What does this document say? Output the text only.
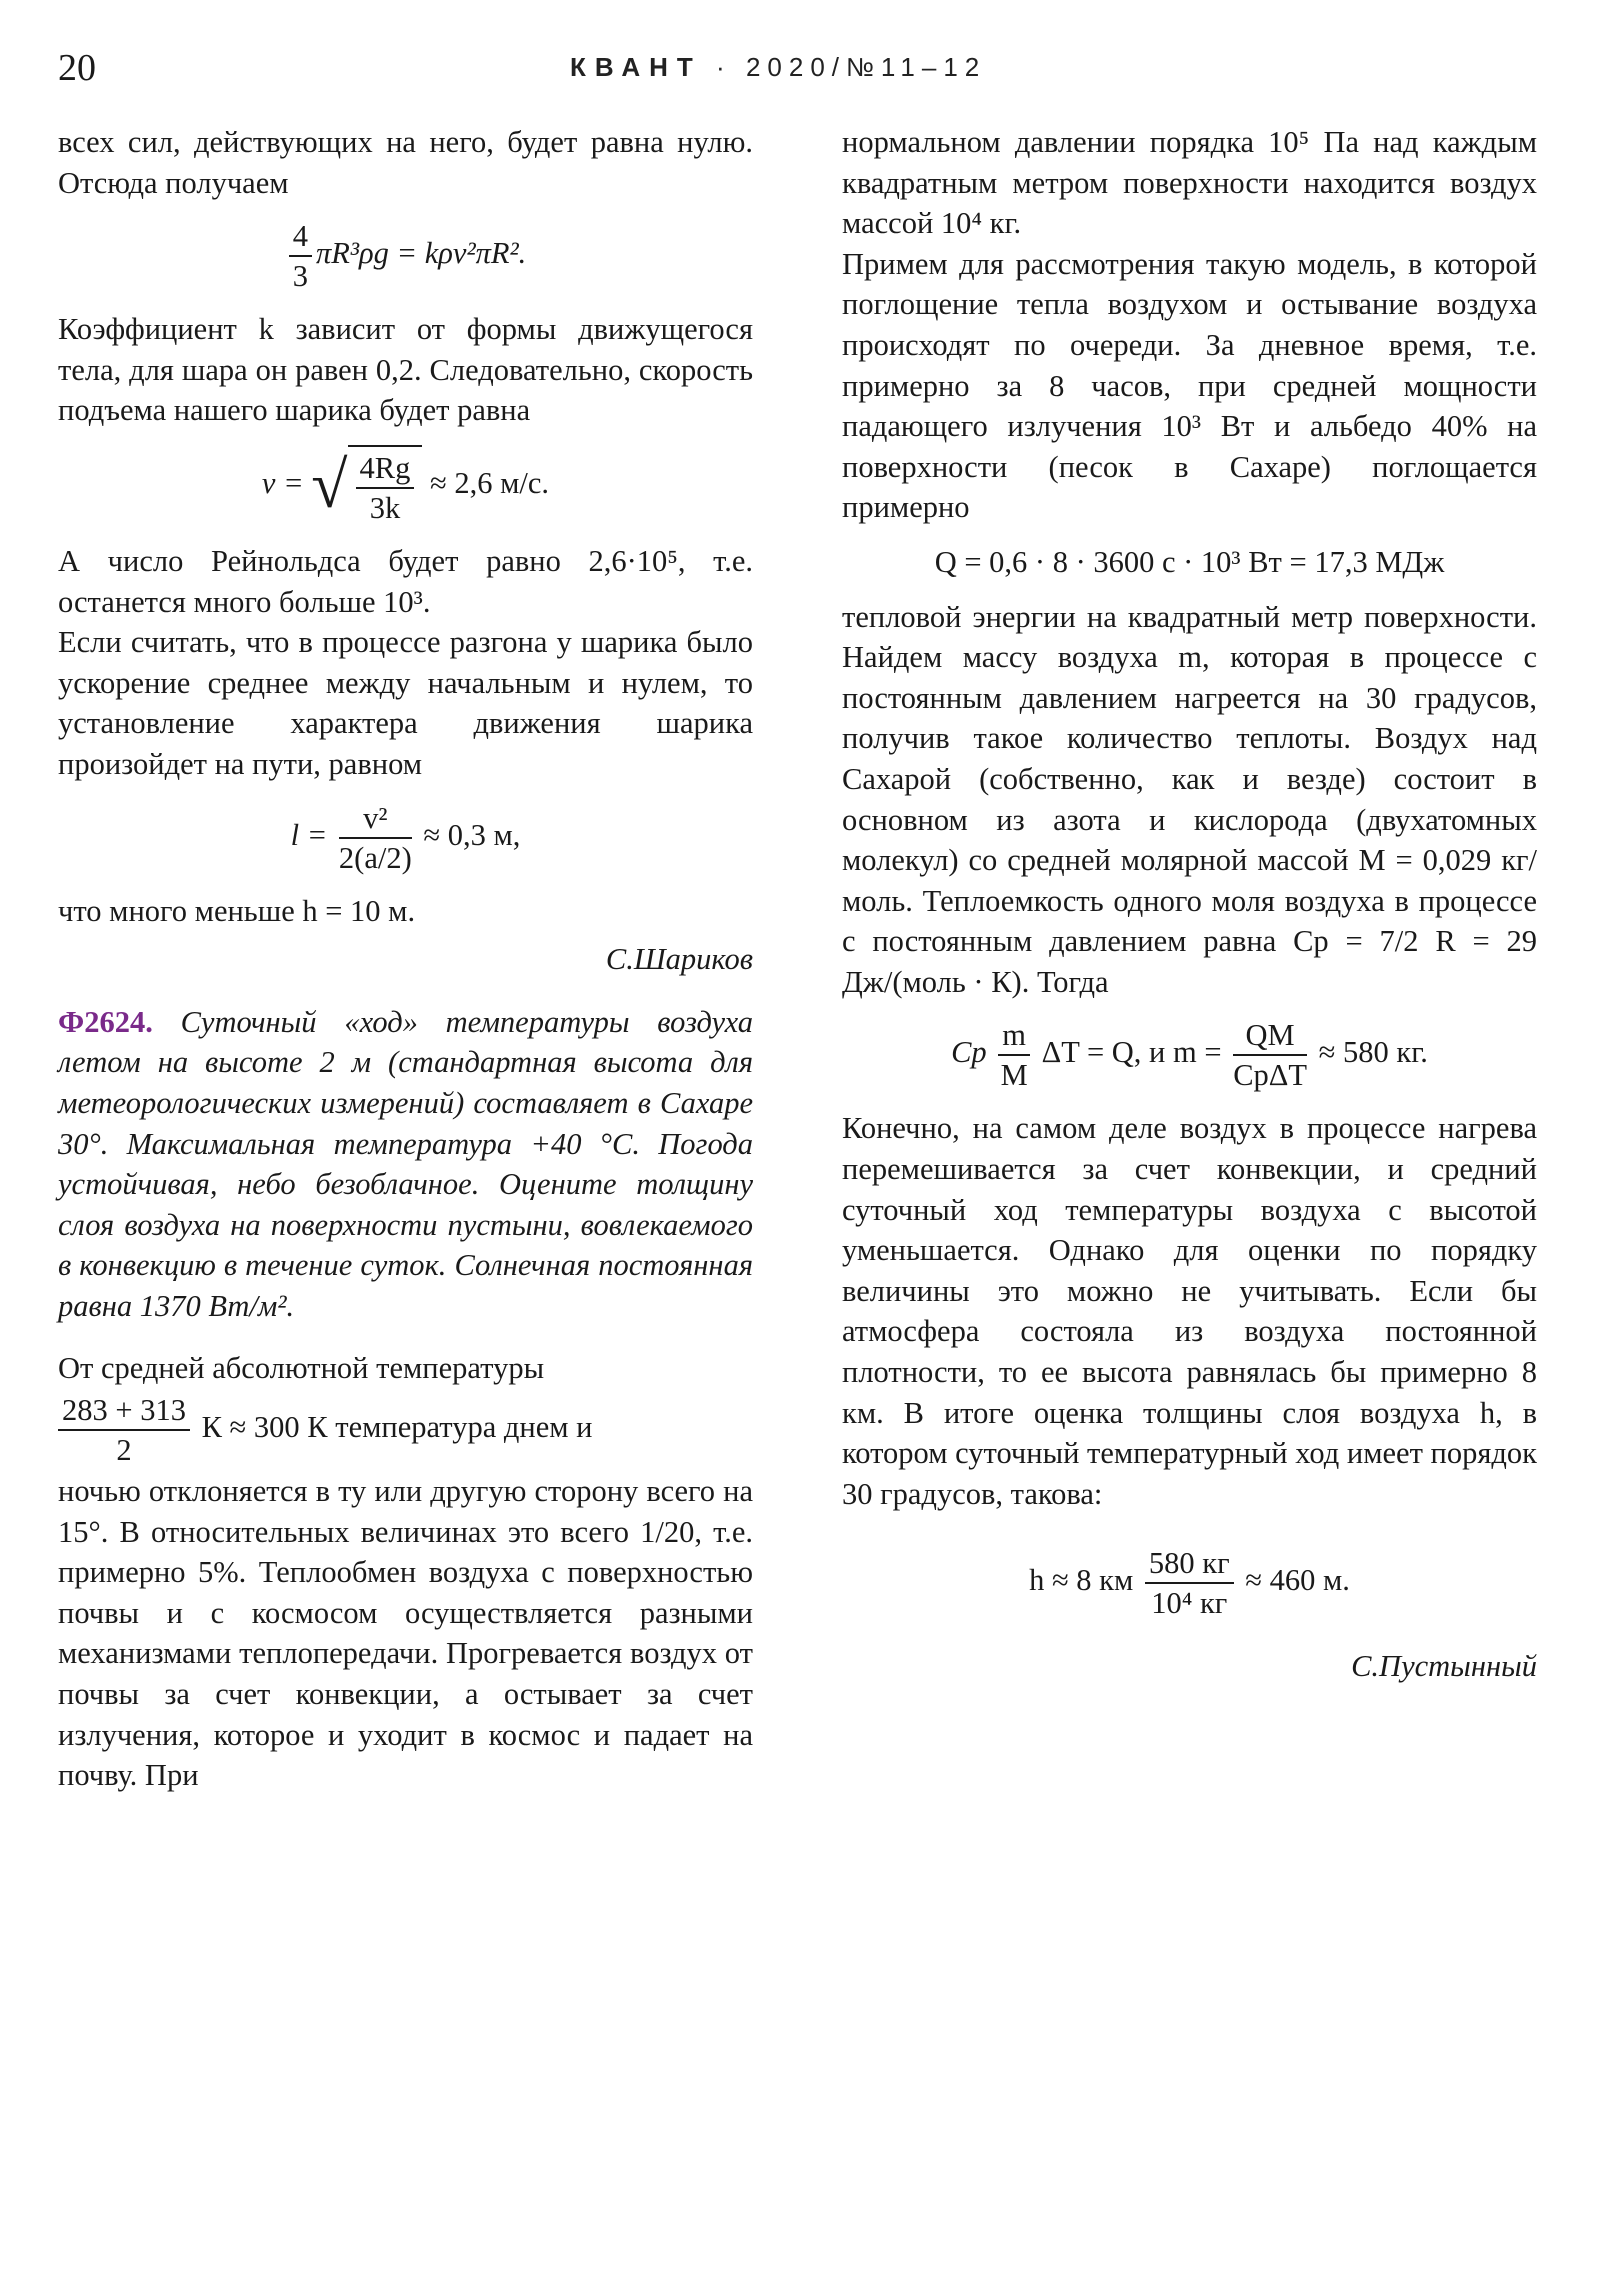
20	КВАНТ · 2020/№11–12

всех сил, действующих на него, будет равна нулю. Отсюда получаем

$\frac{4}{3} \pi R^3\rho g = k\rho v^2\pi R^2$.

Коэффициент k зависит от формы движущегося тела, для шара он равен 0,2. Следовательно, скорость подъема нашего шарика будет равна

v = √ $\frac{4Rg}{3k} \approx 2,6$ м/с.

А число Рейнольдса будет равно 2,6·10⁵, т.е. останется много больше 10³.

Если считать, что в процессе разгона у шарика было ускорение среднее между начальным и нулем, то установление характера движения шарика произойдет на пути, равном

$l = \frac{\text{v²}}{2(a/2)} \approx 0,3$ м,

что много меньше h = 10 м.

С.Шариков

Ф2624. Суточный «ход» температуры воздуха летом на высоте 2 м (стандартная высота для метеорологических измерений) составляет в Сахаре 30°. Максимальная температура +40 °С. Погода устойчивая, небо безоблачное. Оцените толщину слоя воздуха на поверхности пустыни, вовлекаемого в конвекцию в течение суток. Солнечная постоянная равна 1370 Вт/м².

От средней абсолютной температуры

$\frac{283 + 313}{2}$ К ≈ 300 К температура днем и

ночью отклоняется в ту или другую сторону всего на 15°. В относительных величинах это всего 1/20, т.е. примерно 5%. Теплообмен воздуха с поверхностью почвы и с космосом осуществляется разными механизмами теплопередачи. Прогревается воздух от почвы за счет конвекции, а остывает за счет излучения, которое и уходит в космос и падает на почву. При

нормальном давлении порядка 10⁵ Па над каждым квадратным метром поверхности находится воздух массой 10⁴ кг.

Примем для рассмотрения такую модель, в которой поглощение тепла воздухом и остывание воздуха происходят по очереди. За дневное время, т.е. примерно за 8 часов, при средней мощности падающего излучения 10³ Вт и альбедо 40% на поверхности (песок в Сахаре) поглощается примерно

Q = 0,6 · 8 · 3600 с · 10³ Вт = 17,3 МДж

тепловой энергии на квадратный метр поверхности. Найдем массу воздуха m, которая в процессе с постоянным давлением нагреется на 30 градусов, получив такое количество теплоты. Воздух над Сахарой (собственно, как и везде) состоит в основном из азота и кислорода (двухатомных молекул) со средней молярной массой M = 0,029 кг/моль. Теплоемкость одного моля воздуха в процессе с постоянным давлением равна Cp = 7/2 R = 29 Дж/(моль · К). Тогда

Cp $\frac{m}{M}$ ΔT = Q, и $m = \frac{QM}{\text{CpΔT}} \approx 580$ кг.

Конечно, на самом деле воздух в процессе нагрева перемешивается за счет конвекции, и средний суточный ход температуры воздуха с высотой уменьшается. Однако для оценки по порядку величины это можно не учитывать. Если бы атмосфера состояла из воздуха постоянной плотности, то ее высота равнялась бы примерно 8 км. В итоге оценка толщины слоя воздуха h, в котором суточный температурный ход имеет порядок 30 градусов, такова:

h ≈ 8 км $\frac{580 кг}{\text{10⁴ кг}} \approx 460$ м.
С.Пустынный
